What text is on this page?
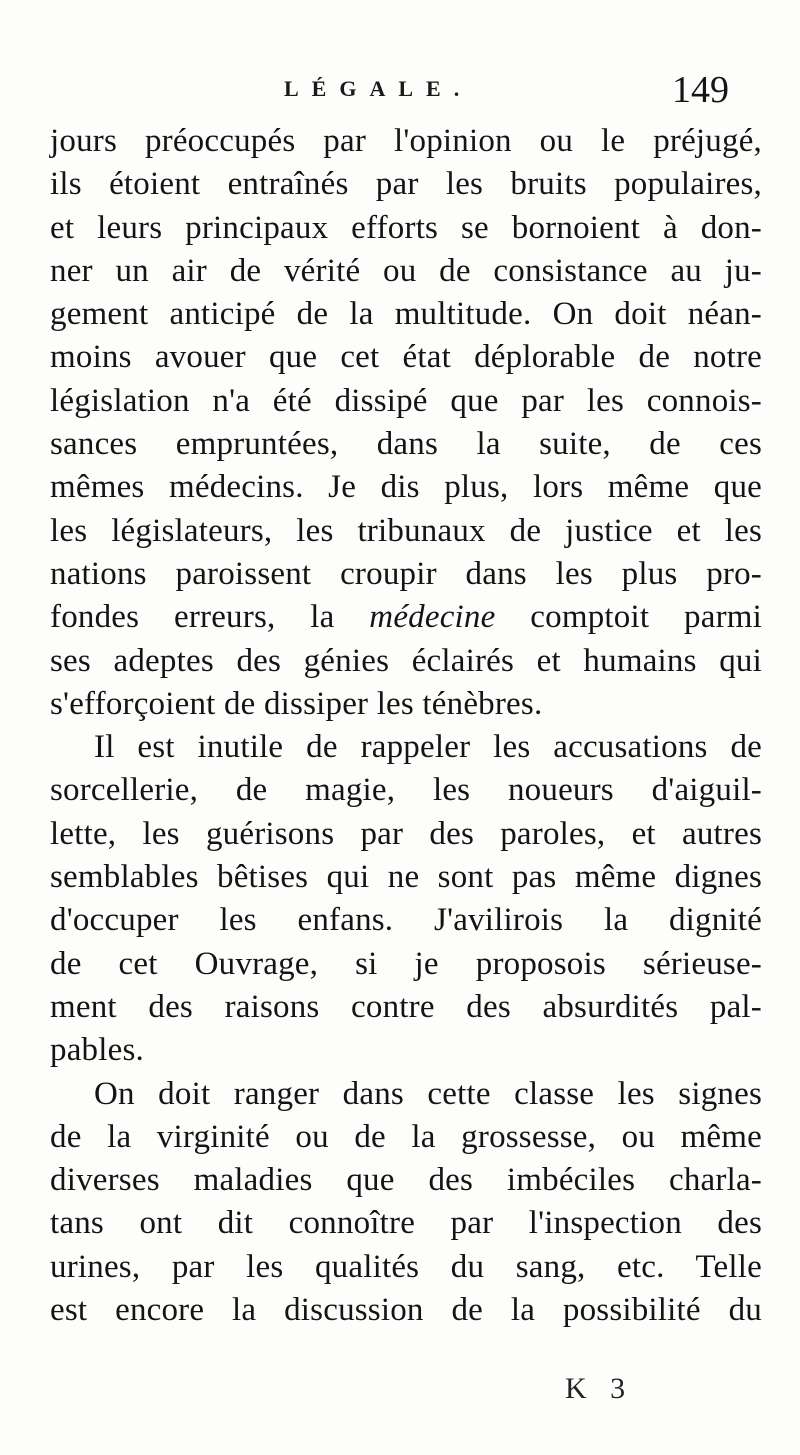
LÉGALE.	149
jours préoccupés par l'opinion ou le préjugé,
ils étoient entraînés par les bruits populaires,
et leurs principaux efforts se bornoient à don-
ner un air de vérité ou de consistance au ju-
gement anticipé de la multitude. On doit néan-
moins avouer que cet état déplorable de notre
législation n'a été dissipé que par les connois-
sances empruntées, dans la suite, de ces
mêmes médecins. Je dis plus, lors même que
les législateurs, les tribunaux de justice et les
nations paroissent croupir dans les plus pro-
fondes erreurs, la médecine comptoit parmi
ses adeptes des génies éclairés et humains qui
s'efforçoient de dissiper les ténèbres.
Il est inutile de rappeler les accusations de
sorcellerie, de magie, les noueurs d'aiguil-
lette, les guérisons par des paroles, et autres
semblables bêtises qui ne sont pas même dignes
d'occuper les enfans. J'avilirois la dignité
de cet Ouvrage, si je proposois sérieuse-
ment des raisons contre des absurdités pal-
pables.
On doit ranger dans cette classe les signes
de la virginité ou de la grossesse, ou même
diverses maladies que des imbéciles charla-
tans ont dit connoître par l'inspection des
urines, par les qualités du sang, etc. Telle
est encore la discussion de la possibilité du
K 3
